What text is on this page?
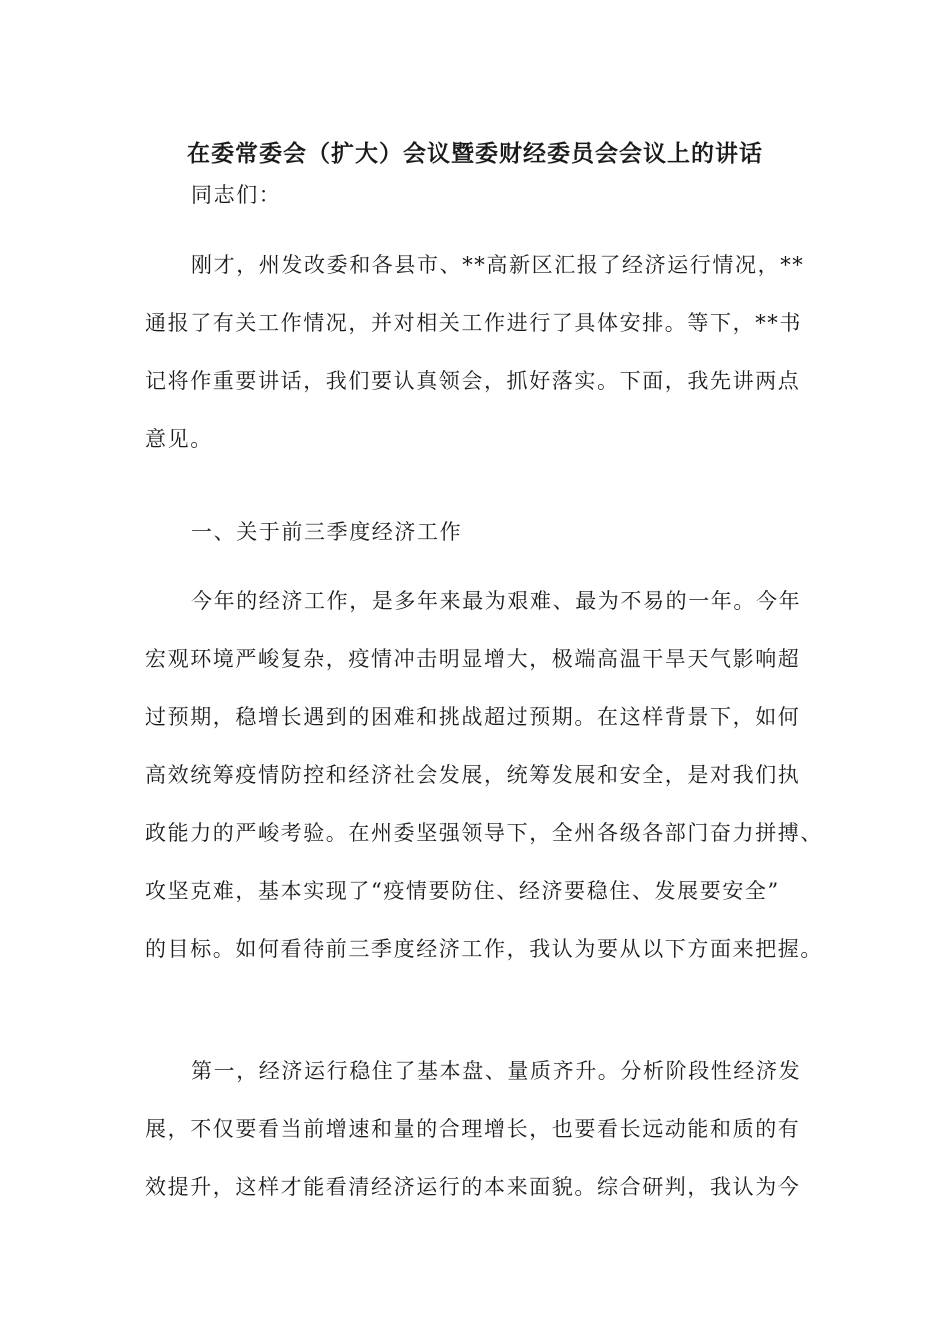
在委常委会（扩大）会议暨委财经委员会会议上的讲话
同志们：
刚才，州发改委和各县市、**高新区汇报了经济运行情况，**
通报了有关工作情况，并对相关工作进行了具体安排。等下，**书
记将作重要讲话，我们要认真领会，抓好落实。下面，我先讲两点
意见。
一、关于前三季度经济工作
今年的经济工作，是多年来最为艰难、最为不易的一年。今年
宏观环境严峻复杂，疫情冲击明显增大，极端高温干旱天气影响超
过预期，稳增长遇到的困难和挑战超过预期。在这样背景下，如何
高效统筹疫情防控和经济社会发展，统筹发展和安全，是对我们执
政能力的严峻考验。在州委坚强领导下，全州各级各部门奋力拼搏、
攻坚克难，基本实现了“疫情要防住、经济要稳住、发展要安全”
的目标。如何看待前三季度经济工作，我认为要从以下方面来把握。
第一，经济运行稳住了基本盘、量质齐升。分析阶段性经济发
展，不仅要看当前增速和量的合理增长，也要看长远动能和质的有
效提升，这样才能看清经济运行的本来面貌。综合研判，我认为今
